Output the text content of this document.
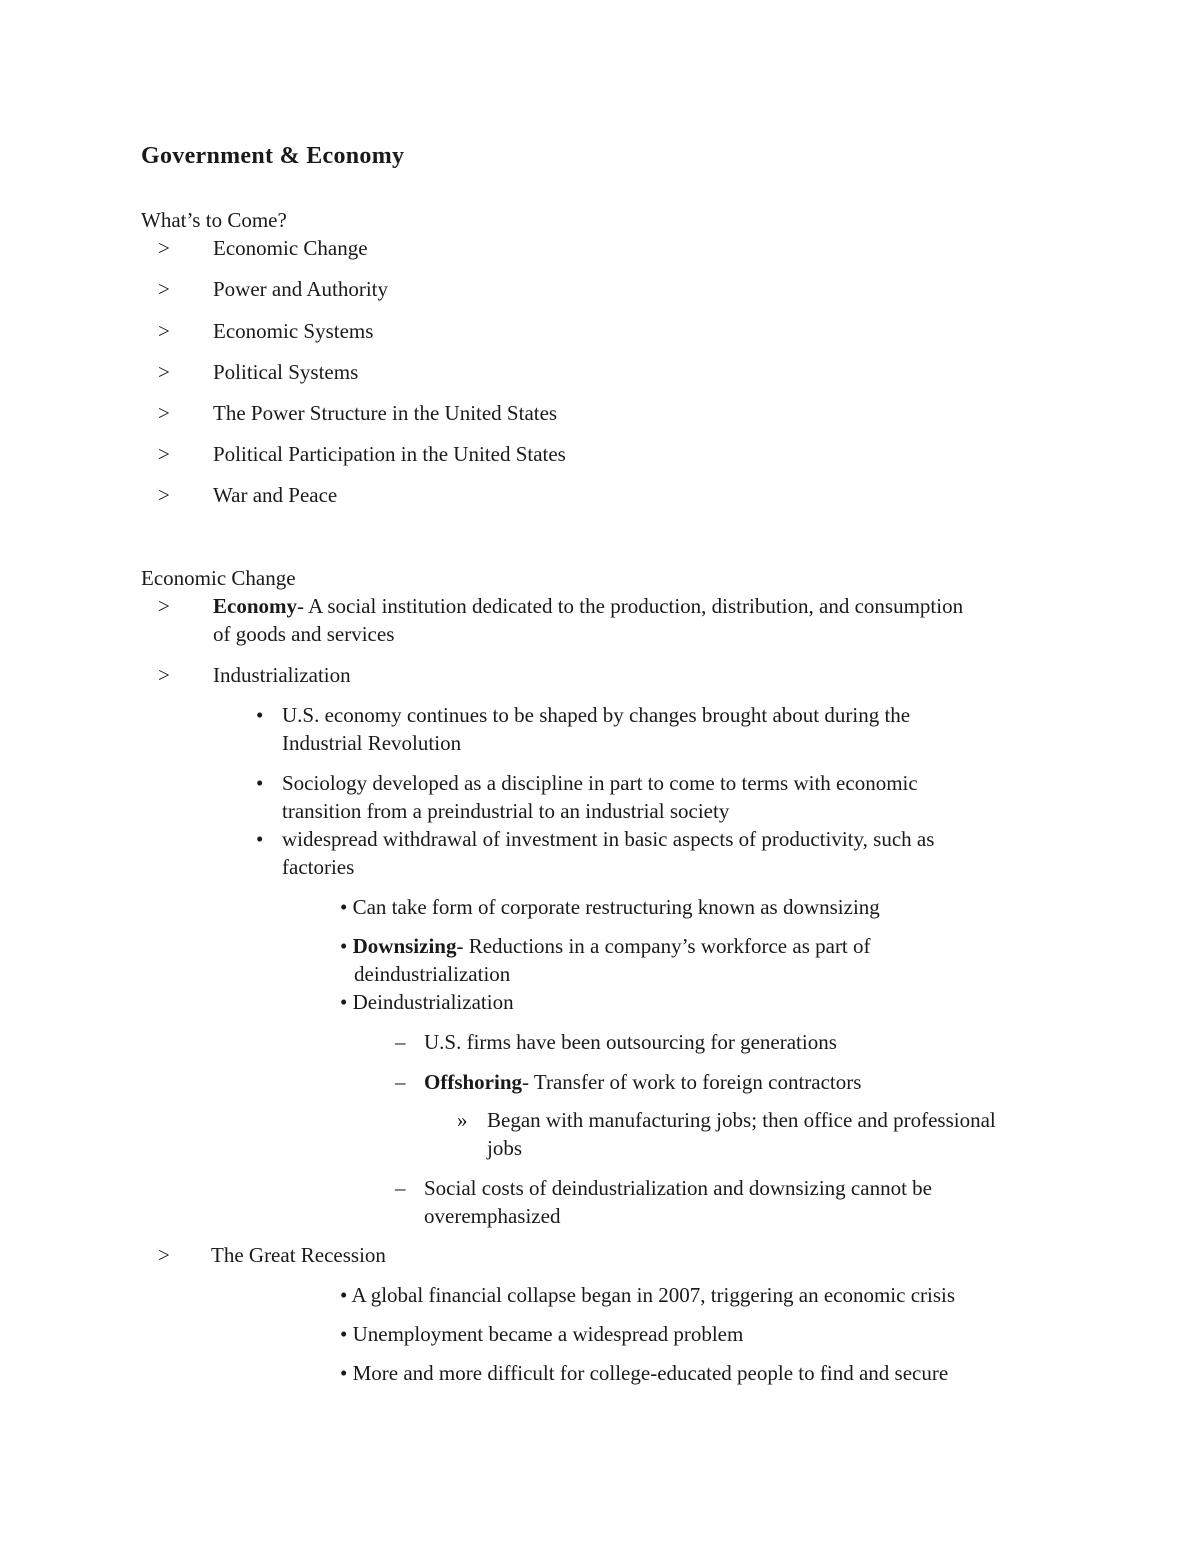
Government & Economy
What’s to Come?
> Economic Change
> Power and Authority
> Economic Systems
> Political Systems
> The Power Structure in the United States
> Political Participation in the United States
> War and Peace
Economic Change
> Economy- A social institution dedicated to the production, distribution, and consumption
of goods and services
> Industrialization
• U.S. economy continues to be shaped by changes brought about during the
Industrial Revolution
• Sociology developed as a discipline in part to come to terms with economic
transition from a preindustrial to an industrial society
• widespread withdrawal of investment in basic aspects of productivity, such as
factories
• Can take form of corporate restructuring known as downsizing
• Downsizing- Reductions in a company’s workforce as part of
deindustrialization
• Deindustrialization
– U.S. firms have been outsourcing for generations
– Offshoring- Transfer of work to foreign contractors
» Began with manufacturing jobs; then office and professional
jobs
– Social costs of deindustrialization and downsizing cannot be
overemphasized
> The Great Recession
• A global financial collapse began in 2007, triggering an economic crisis
• Unemployment became a widespread problem
• More and more difficult for college-educated people to find and secure
